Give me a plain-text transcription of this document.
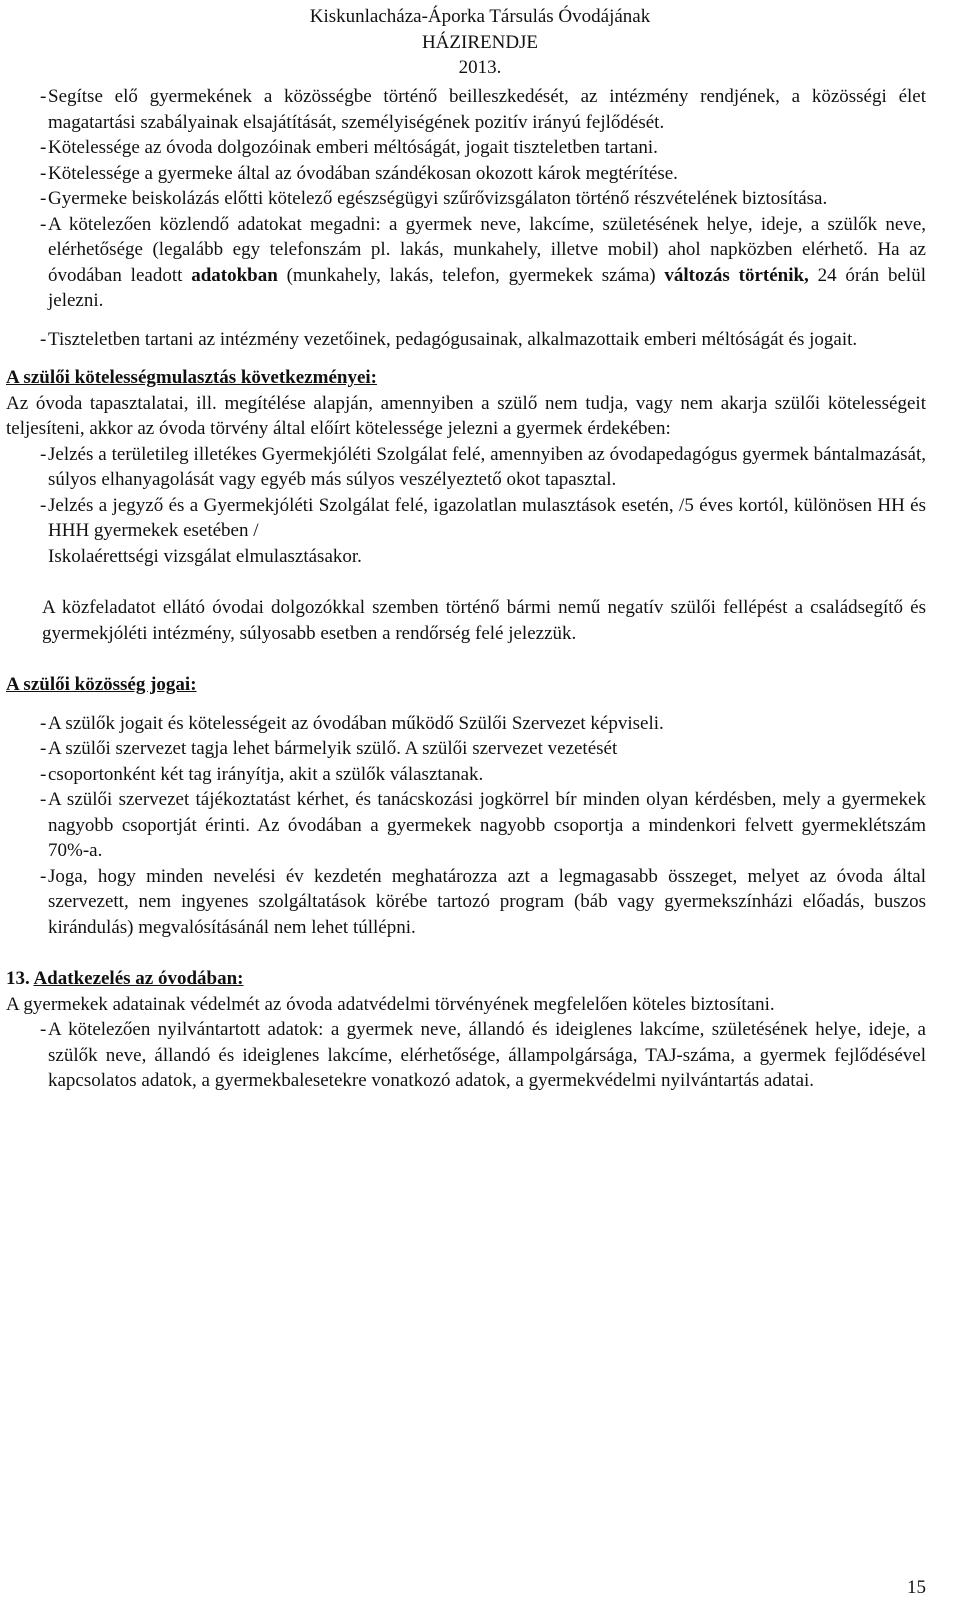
Kiskunlacháza-Áporka Társulás Óvodájának
HÁZIRENDJE
2013.
- Segítse elő gyermekének a közösségbe történő beilleszkedését, az intézmény rendjének, a közösségi élet magatartási szabályainak elsajátítását, személyiségének pozitív irányú fejlődését.
- Kötelessége az óvoda dolgozóinak emberi méltóságát, jogait tiszteletben tartani.
- Kötelessége a gyermeke által az óvodában szándékosan okozott károk megtérítése.
- Gyermeke beiskolázás előtti kötelező egészségügyi szűrővizsgálaton történő részvételének biztosítása.
- A kötelezően közlendő adatokat megadni: a gyermek neve, lakcíme, születésének helye, ideje, a szülők neve, elérhetősége (legalább egy telefonszám pl. lakás, munkahely, illetve mobil) ahol napközben elérhető. Ha az óvodában leadott adatokban (munkahely, lakás, telefon, gyermekek száma) változás történik, 24 órán belül jelezni.
- Tiszteletben tartani az intézmény vezetőinek, pedagógusainak, alkalmazottaik emberi méltóságát és jogait.
A szülői kötelességmulasztás következményei:
Az óvoda tapasztalatai, ill. megítélése alapján, amennyiben a szülő nem tudja, vagy nem akarja szülői kötelességeit teljesíteni, akkor az óvoda törvény által előírt kötelessége jelezni a gyermek érdekében:
- Jelzés a területileg illetékes Gyermekjóléti Szolgálat felé, amennyiben az óvodapedagógus gyermek bántalmazását, súlyos elhanyagolását vagy egyéb más súlyos veszélyeztető okot tapasztal.
- Jelzés a jegyző és a Gyermekjóléti Szolgálat felé, igazolatlan mulasztások esetén, /5 éves kortól, különösen HH és HHH gyermekek esetében /
Iskolaérettségi vizsgálat elmulasztásakor.
A közfeladatot ellátó óvodai dolgozókkal szemben történő bármi nemű negatív szülői fellépést a családsegítő és gyermekjóléti intézmény, súlyosabb esetben a rendőrség felé jelezzük.
A szülői közösség jogai:
- A szülők jogait és kötelességeit az óvodában működő Szülői Szervezet képviseli.
- A szülői szervezet tagja lehet bármelyik szülő. A szülői szervezet vezetését
- csoportonként két tag irányítja, akit a szülők választanak.
- A szülői szervezet tájékoztatást kérhet, és tanácskozási jogkörrel bír minden olyan kérdésben, mely a gyermekek nagyobb csoportját érinti. Az óvodában a gyermekek nagyobb csoportja a mindenkori felvett gyermeklétszám 70%-a.
- Joga, hogy minden nevelési év kezdetén meghatározza azt a legmagasabb összeget, melyet az óvoda által szervezett, nem ingyenes szolgáltatások körébe tartozó program (báb vagy gyermekszínházi előadás, buszos kirándulás) megvalósításánál nem lehet túllépni.
13. Adatkezelés az óvodában:
A gyermekek adatainak védelmét az óvoda adatvédelmi törvényének megfelelően köteles biztosítani.
- A kötelezően nyilvántartott adatok: a gyermek neve, állandó és ideiglenes lakcíme, születésének helye, ideje, a szülők neve, állandó és ideiglenes lakcíme, elérhetősége, állampolgársága, TAJ-száma, a gyermek fejlődésével kapcsolatos adatok, a gyermekbalesetekre vonatkozó adatok, a gyermekvédelmi nyilvántartás adatai.
15
